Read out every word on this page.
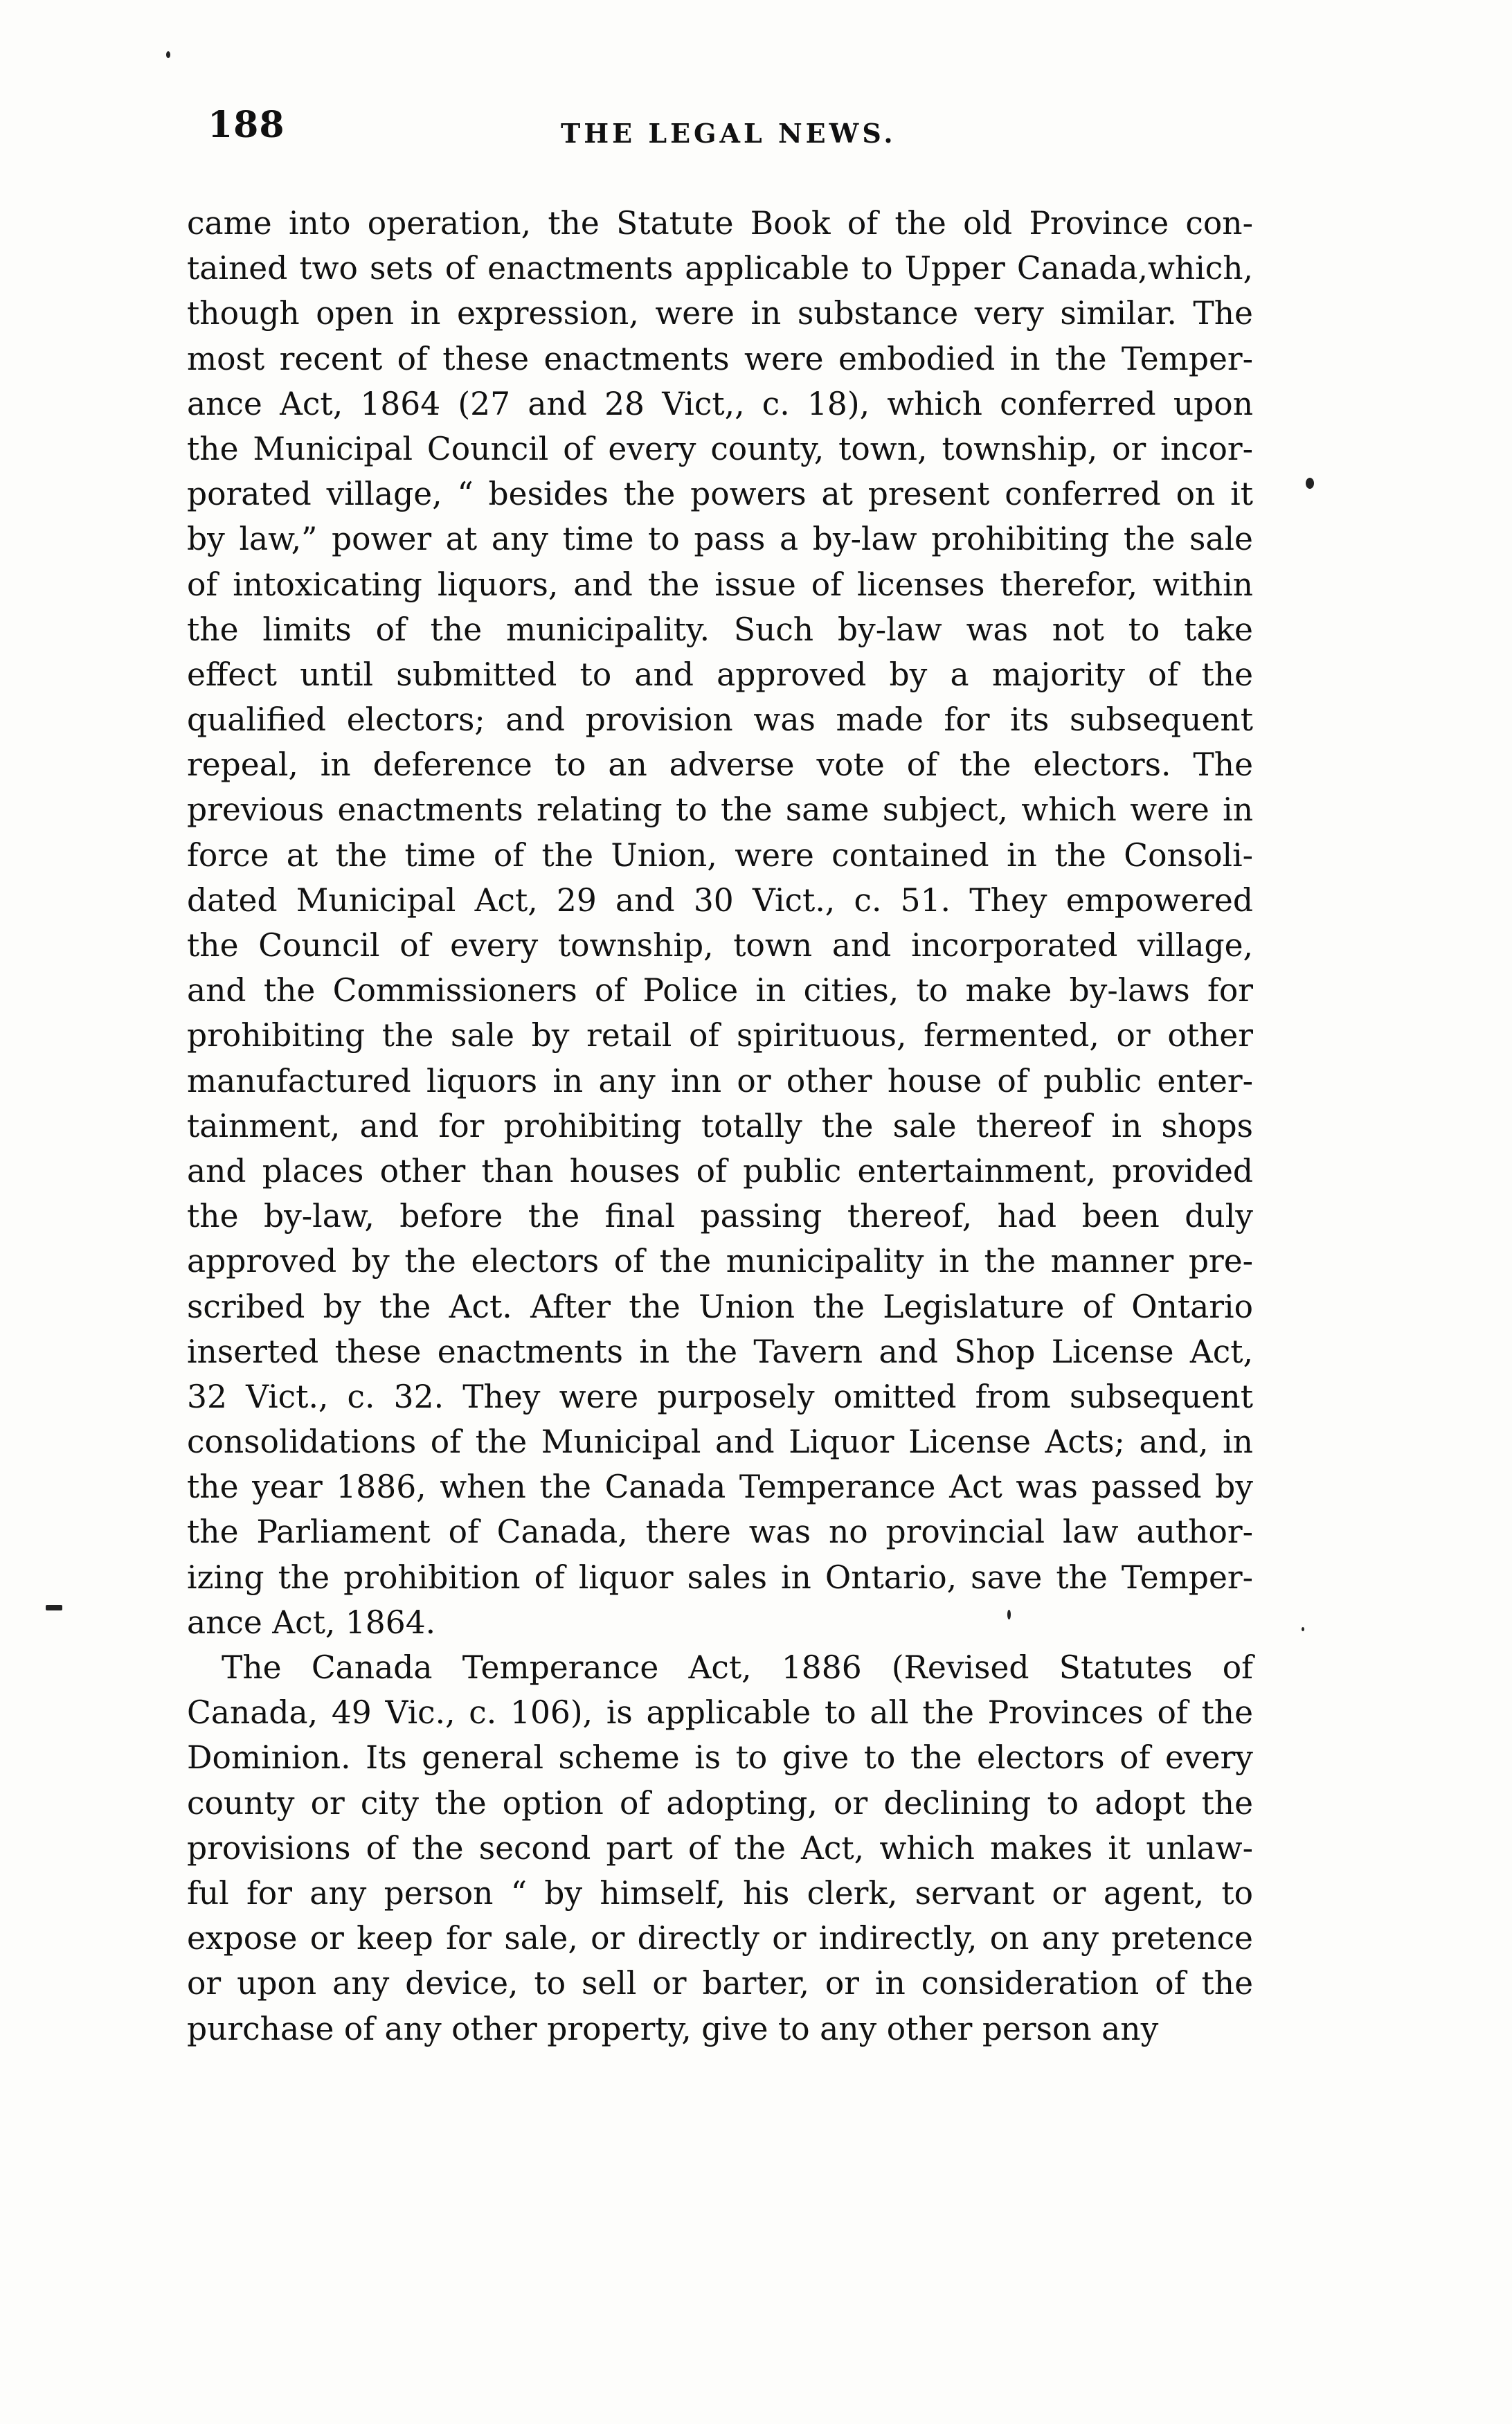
188	THE LEGAL NEWS.
came into operation, the Statute Book of the old Province con-
tained two sets of enactments applicable to Upper Canada,which,
though open in expression, were in substance very similar. The
most recent of these enactments were embodied in the Temper-
ance Act, 1864 (27 and 28 Vict,, c. 18), which conferred upon
the Municipal Council of every county, town, township, or incor-
porated village, “ besides the powers at present conferred on it
by law,” power at any time to pass a by-law prohibiting the sale
of intoxicating liquors, and the issue of licenses therefor, within
the limits of the municipality. Such by-law was not to take
effect until submitted to and approved by a majority of the
qualified electors; and provision was made for its subsequent
repeal, in deference to an adverse vote of the electors. The
previous enactments relating to the same subject, which were in
force at the time of the Union, were contained in the Consoli-
dated Municipal Act, 29 and 30 Vict., c. 51. They empowered
the Council of every township, town and incorporated village,
and the Commissioners of Police in cities, to make by-laws for
prohibiting the sale by retail of spirituous, fermented, or other
manufactured liquors in any inn or other house of public enter-
tainment, and for prohibiting totally the sale thereof in shops
and places other than houses of public entertainment, provided
the by-law, before the final passing thereof, had been duly
approved by the electors of the municipality in the manner pre-
scribed by the Act. After the Union the Legislature of Ontario
inserted these enactments in the Tavern and Shop License Act,
32 Vict., c. 32. They were purposely omitted from subsequent
consolidations of the Municipal and Liquor License Acts; and, in
the year 1886, when the Canada Temperance Act was passed by
the Parliament of Canada, there was no provincial law author-
izing the prohibition of liquor sales in Ontario, save the Temper-
ance Act, 1864.
The Canada Temperance Act, 1886 (Revised Statutes of
Canada, 49 Vic., c. 106), is applicable to all the Provinces of the
Dominion. Its general scheme is to give to the electors of every
county or city the option of adopting, or declining to adopt the
provisions of the second part of the Act, which makes it unlaw-
ful for any person “ by himself, his clerk, servant or agent, to
expose or keep for sale, or directly or indirectly, on any pretence
or upon any device, to sell or barter, or in consideration of the
purchase of any other property, give to any other person any
